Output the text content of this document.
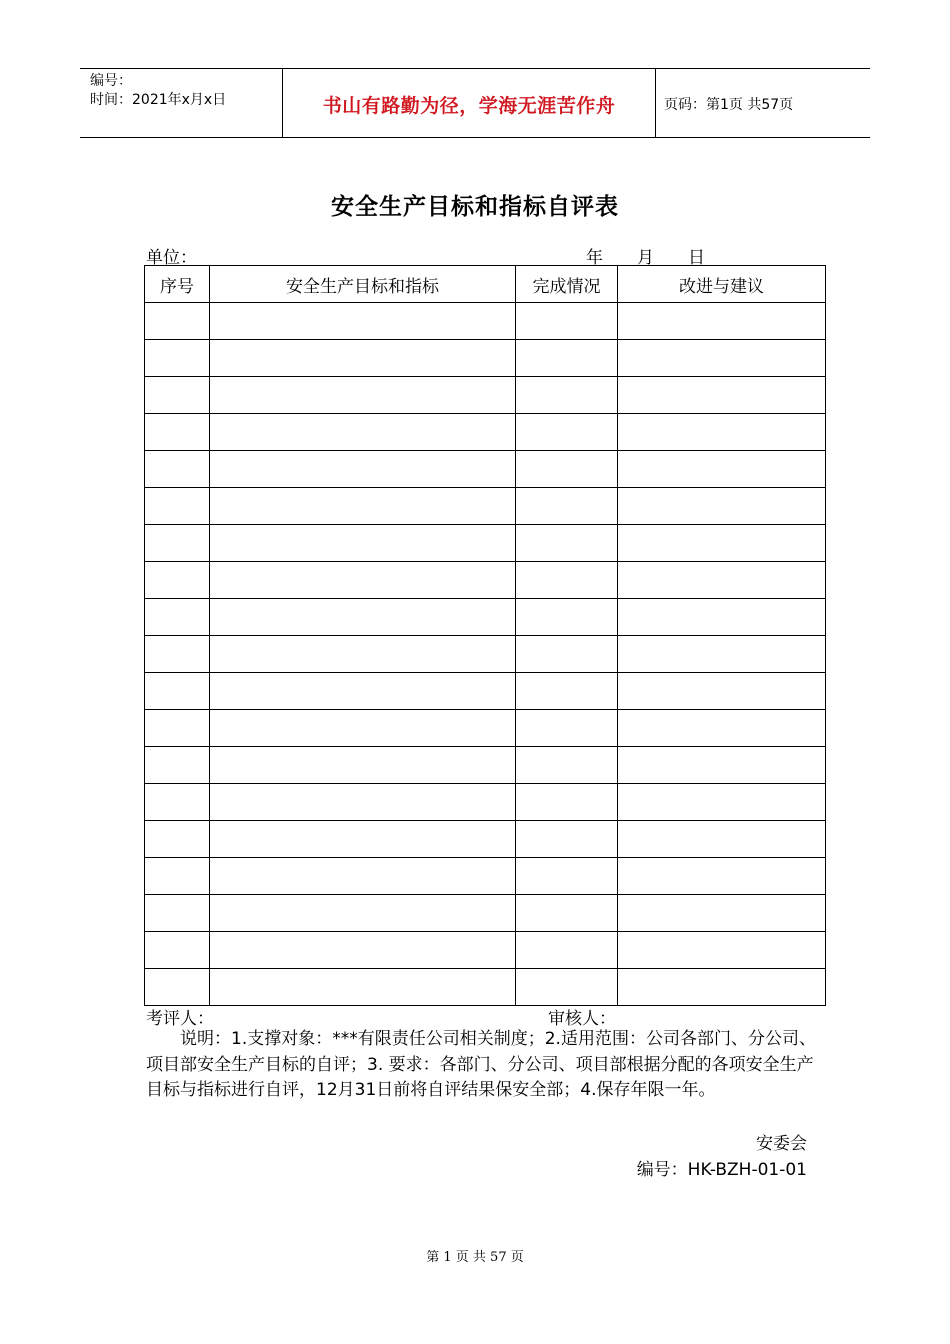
编号：
时间：2021年x月x日	书山有路勤为径，学海无涯苦作舟	页码：第1页 共57页
安全生产目标和指标自评表
单位：	年　　月　　日
序号	安全生产目标和指标	完成情况	改进与建议

考评人：	审核人：

说明：1.支撑对象：***有限责任公司相关制度；2.适用范围：公司各部门、分公司、项目部安全生产目标的自评；3. 要求：各部门、分公司、项目部根据分配的各项安全生产目标与指标进行自评，12月31日前将自评结果保安全部；4.保存年限一年。

安委会
编号：HK-BZH-01-01
第 1 页 共 57 页
